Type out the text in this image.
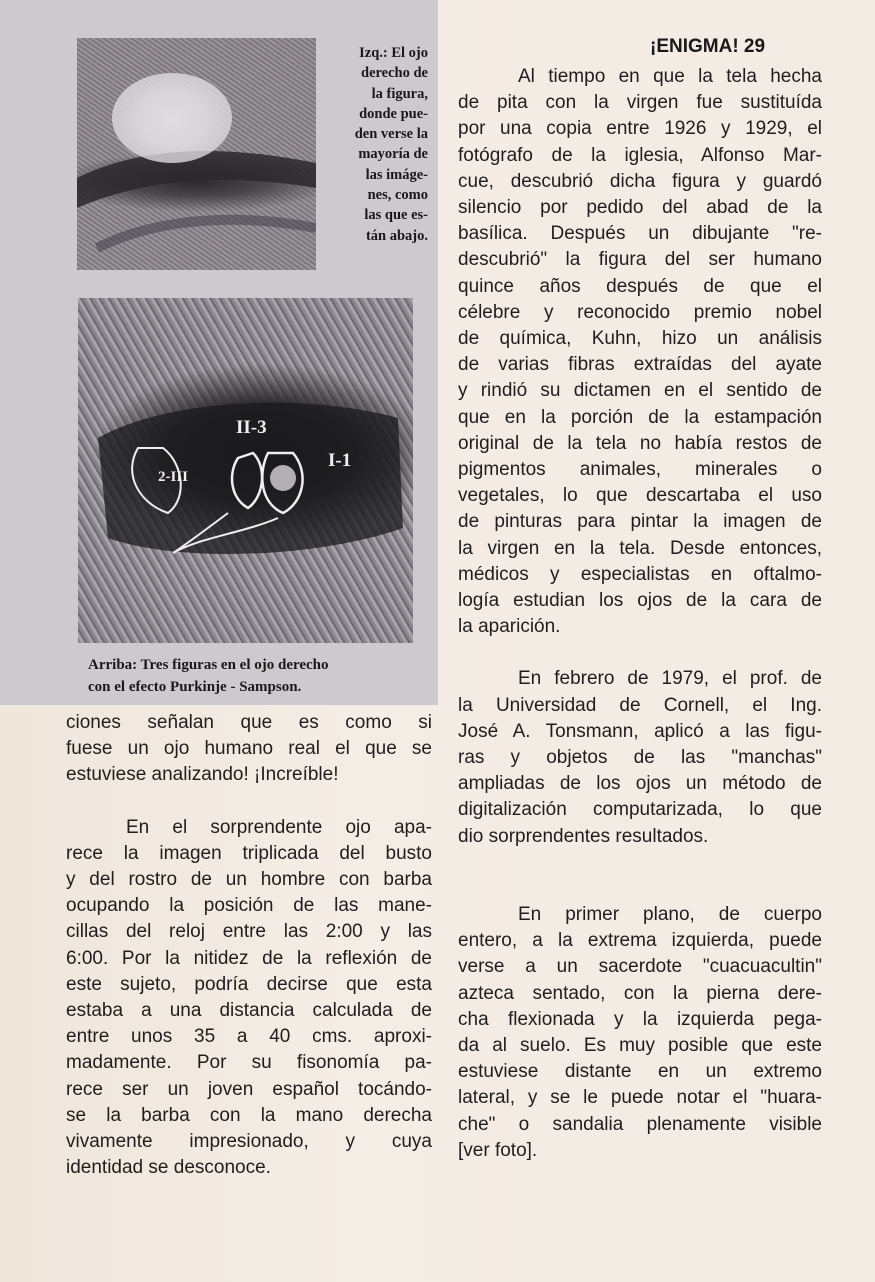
Izq.: El ojo
derecho de
la figura,
donde pue-
den verse la
mayoría de
las imáge-
nes, como
las que es-
tán abajo.
2-III
II-3
I-1
Arriba: Tres figuras en el ojo derecho
con el efecto Purkinje - Sampson.
¡ENIGMA! 29
ciones señalan que es como si
fuese un ojo humano real el que se
estuviese analizando! ¡Increíble!
En el sorprendente ojo apa-
rece la imagen triplicada del busto
y del rostro de un hombre con barba
ocupando la posición de las mane-
cillas del reloj entre las 2:00 y las
6:00. Por la nitidez de la reflexión de
este sujeto, podría decirse que esta
estaba a una distancia calculada de
entre unos 35 a 40 cms. aproxi-
madamente. Por su fisonomía pa-
rece ser un joven español tocándo-
se la barba con la mano derecha
vivamente impresionado, y cuya
identidad se desconoce.
Al tiempo en que la tela hecha
de pita con la virgen fue sustituída
por una copia entre 1926 y 1929, el
fotógrafo de la iglesia, Alfonso Mar-
cue, descubrió dicha figura y guardó
silencio por pedido del abad de la
basílica. Después un dibujante "re-
descubrió" la figura del ser humano
quince años después de que el
célebre y reconocido premio nobel
de química, Kuhn, hizo un análisis
de varias fibras extraídas del ayate
y rindió su dictamen en el sentido de
que en la porción de la estampación
original de la tela no había restos de
pigmentos animales, minerales o
vegetales, lo que descartaba el uso
de pinturas para pintar la imagen de
la virgen en la tela. Desde entonces,
médicos y especialistas en oftalmo-
logía estudian los ojos de la cara de
la aparición.
En febrero de 1979, el prof. de
la Universidad de Cornell, el Ing.
José A. Tonsmann, aplicó a las figu-
ras y objetos de las "manchas"
ampliadas de los ojos un método de
digitalización computarizada, lo que
dio sorprendentes resultados.
En primer plano, de cuerpo
entero, a la extrema izquierda, puede
verse a un sacerdote "cuacuacultin"
azteca sentado, con la pierna dere-
cha flexionada y la izquierda pega-
da al suelo. Es muy posible que este
estuviese distante en un extremo
lateral, y se le puede notar el "huara-
che" o sandalia plenamente visible
[ver foto].
